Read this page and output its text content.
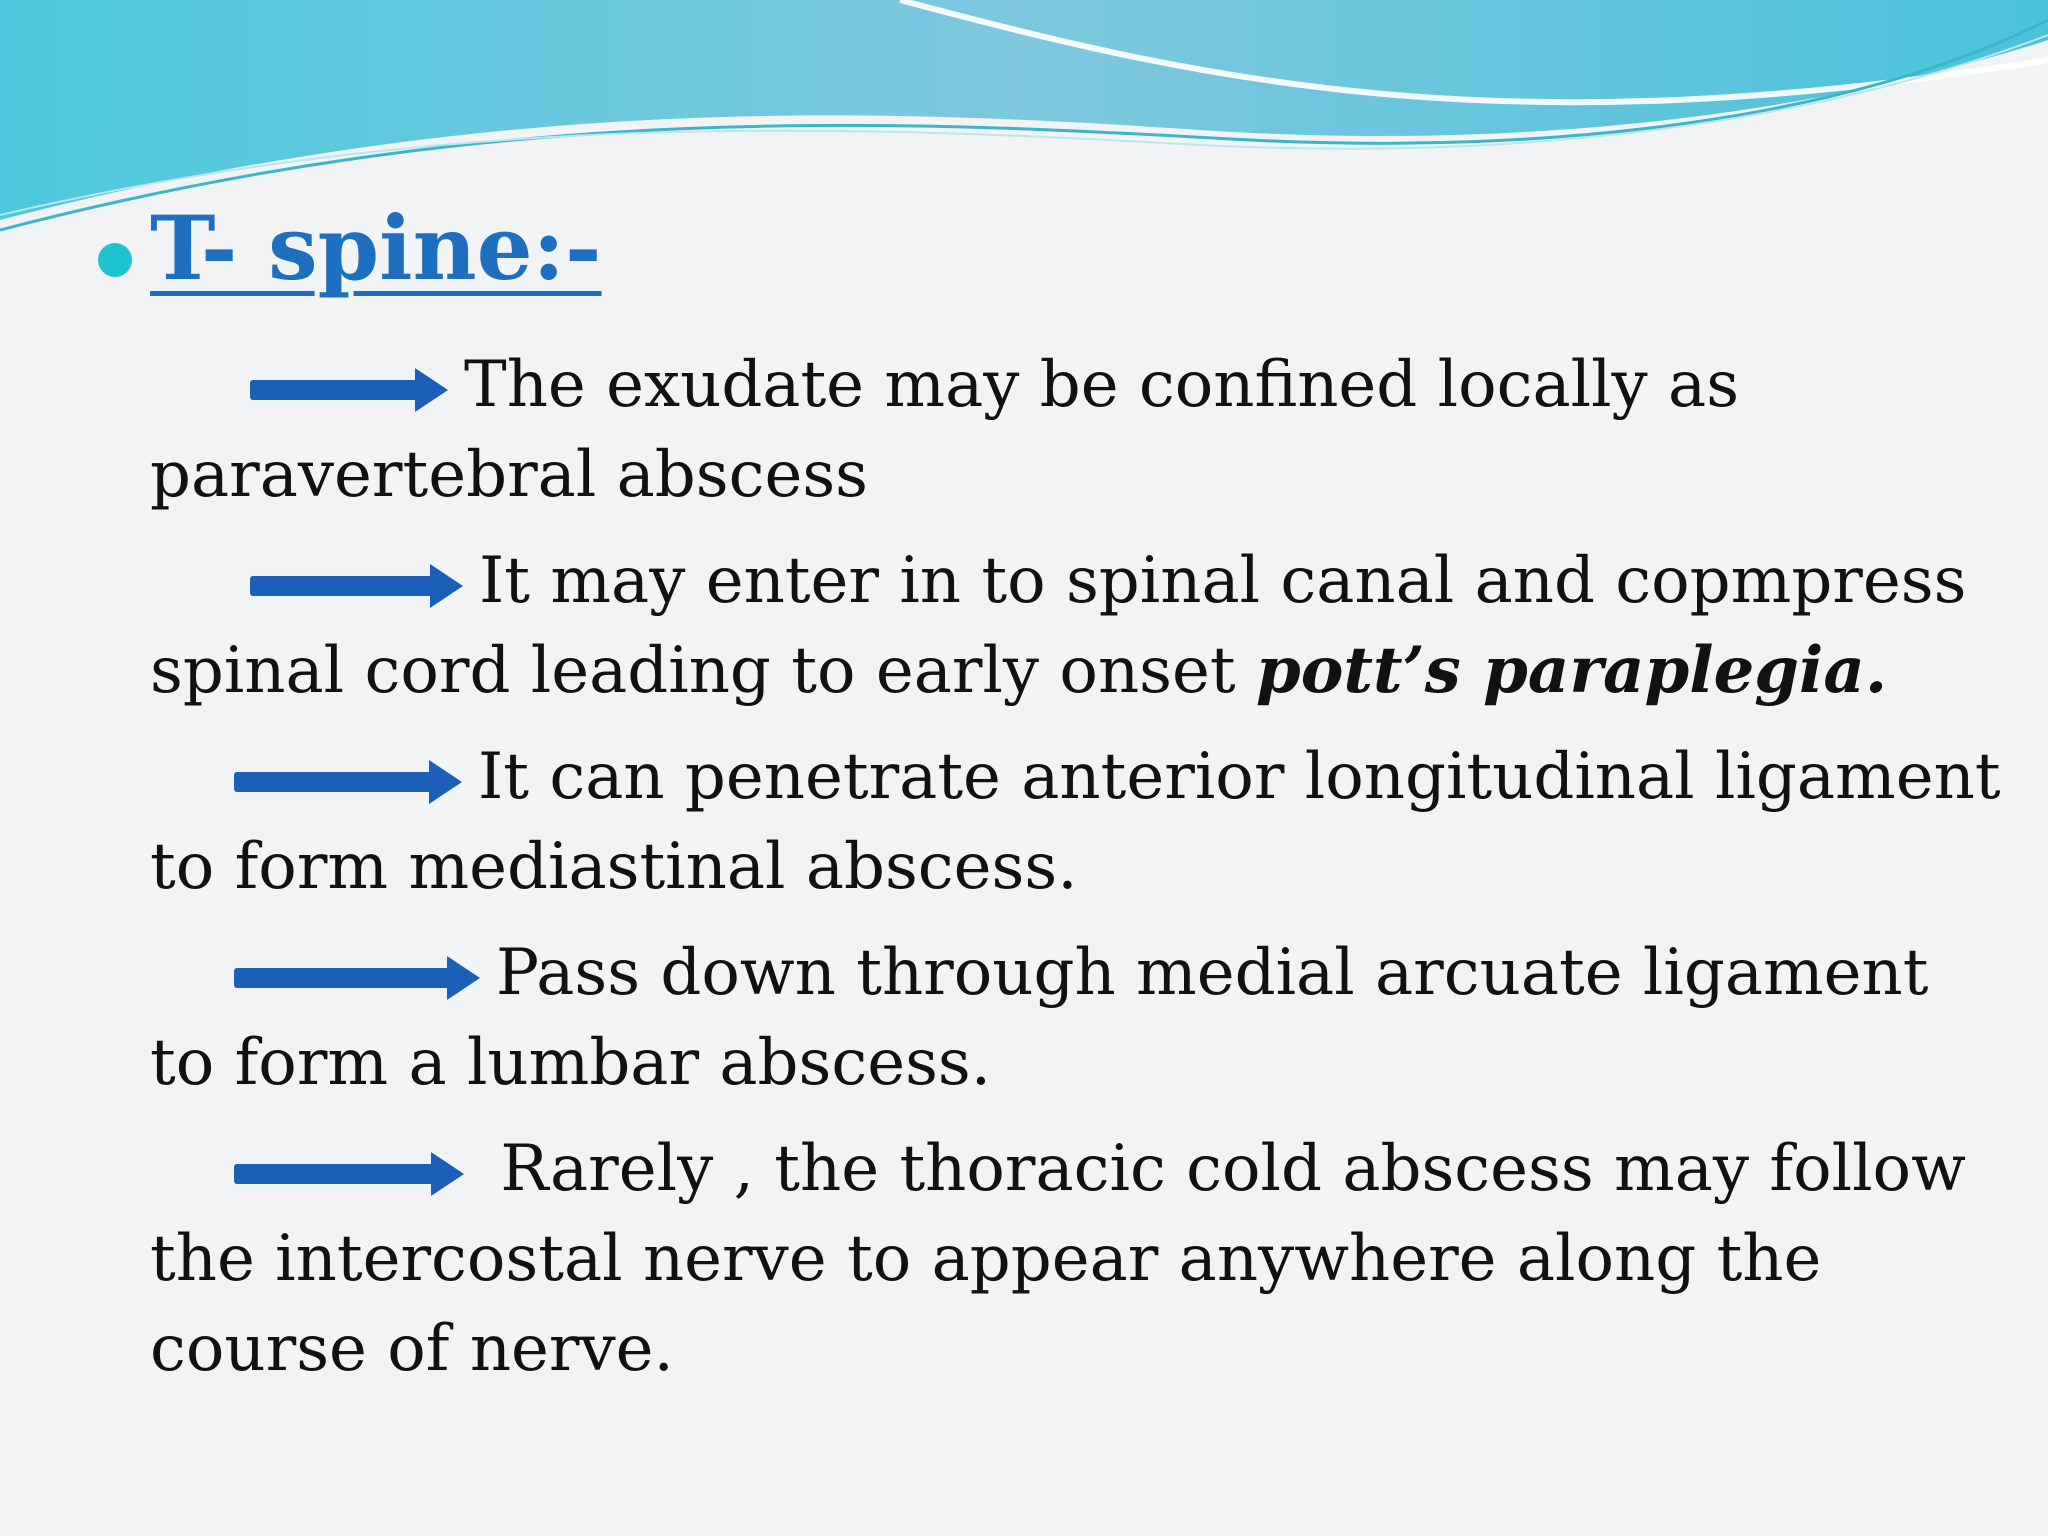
T- spine:-
The exudate may be confined locally as paravertebral abscess
It may enter in to spinal canal and copmpress spinal cord leading to early onset pott’s paraplegia.
It can penetrate anterior longitudinal ligament to form mediastinal abscess.
Pass down through medial arcuate ligament to form a lumbar abscess.
Rarely , the thoracic cold abscess may follow the intercostal nerve to appear anywhere along the course of nerve.
